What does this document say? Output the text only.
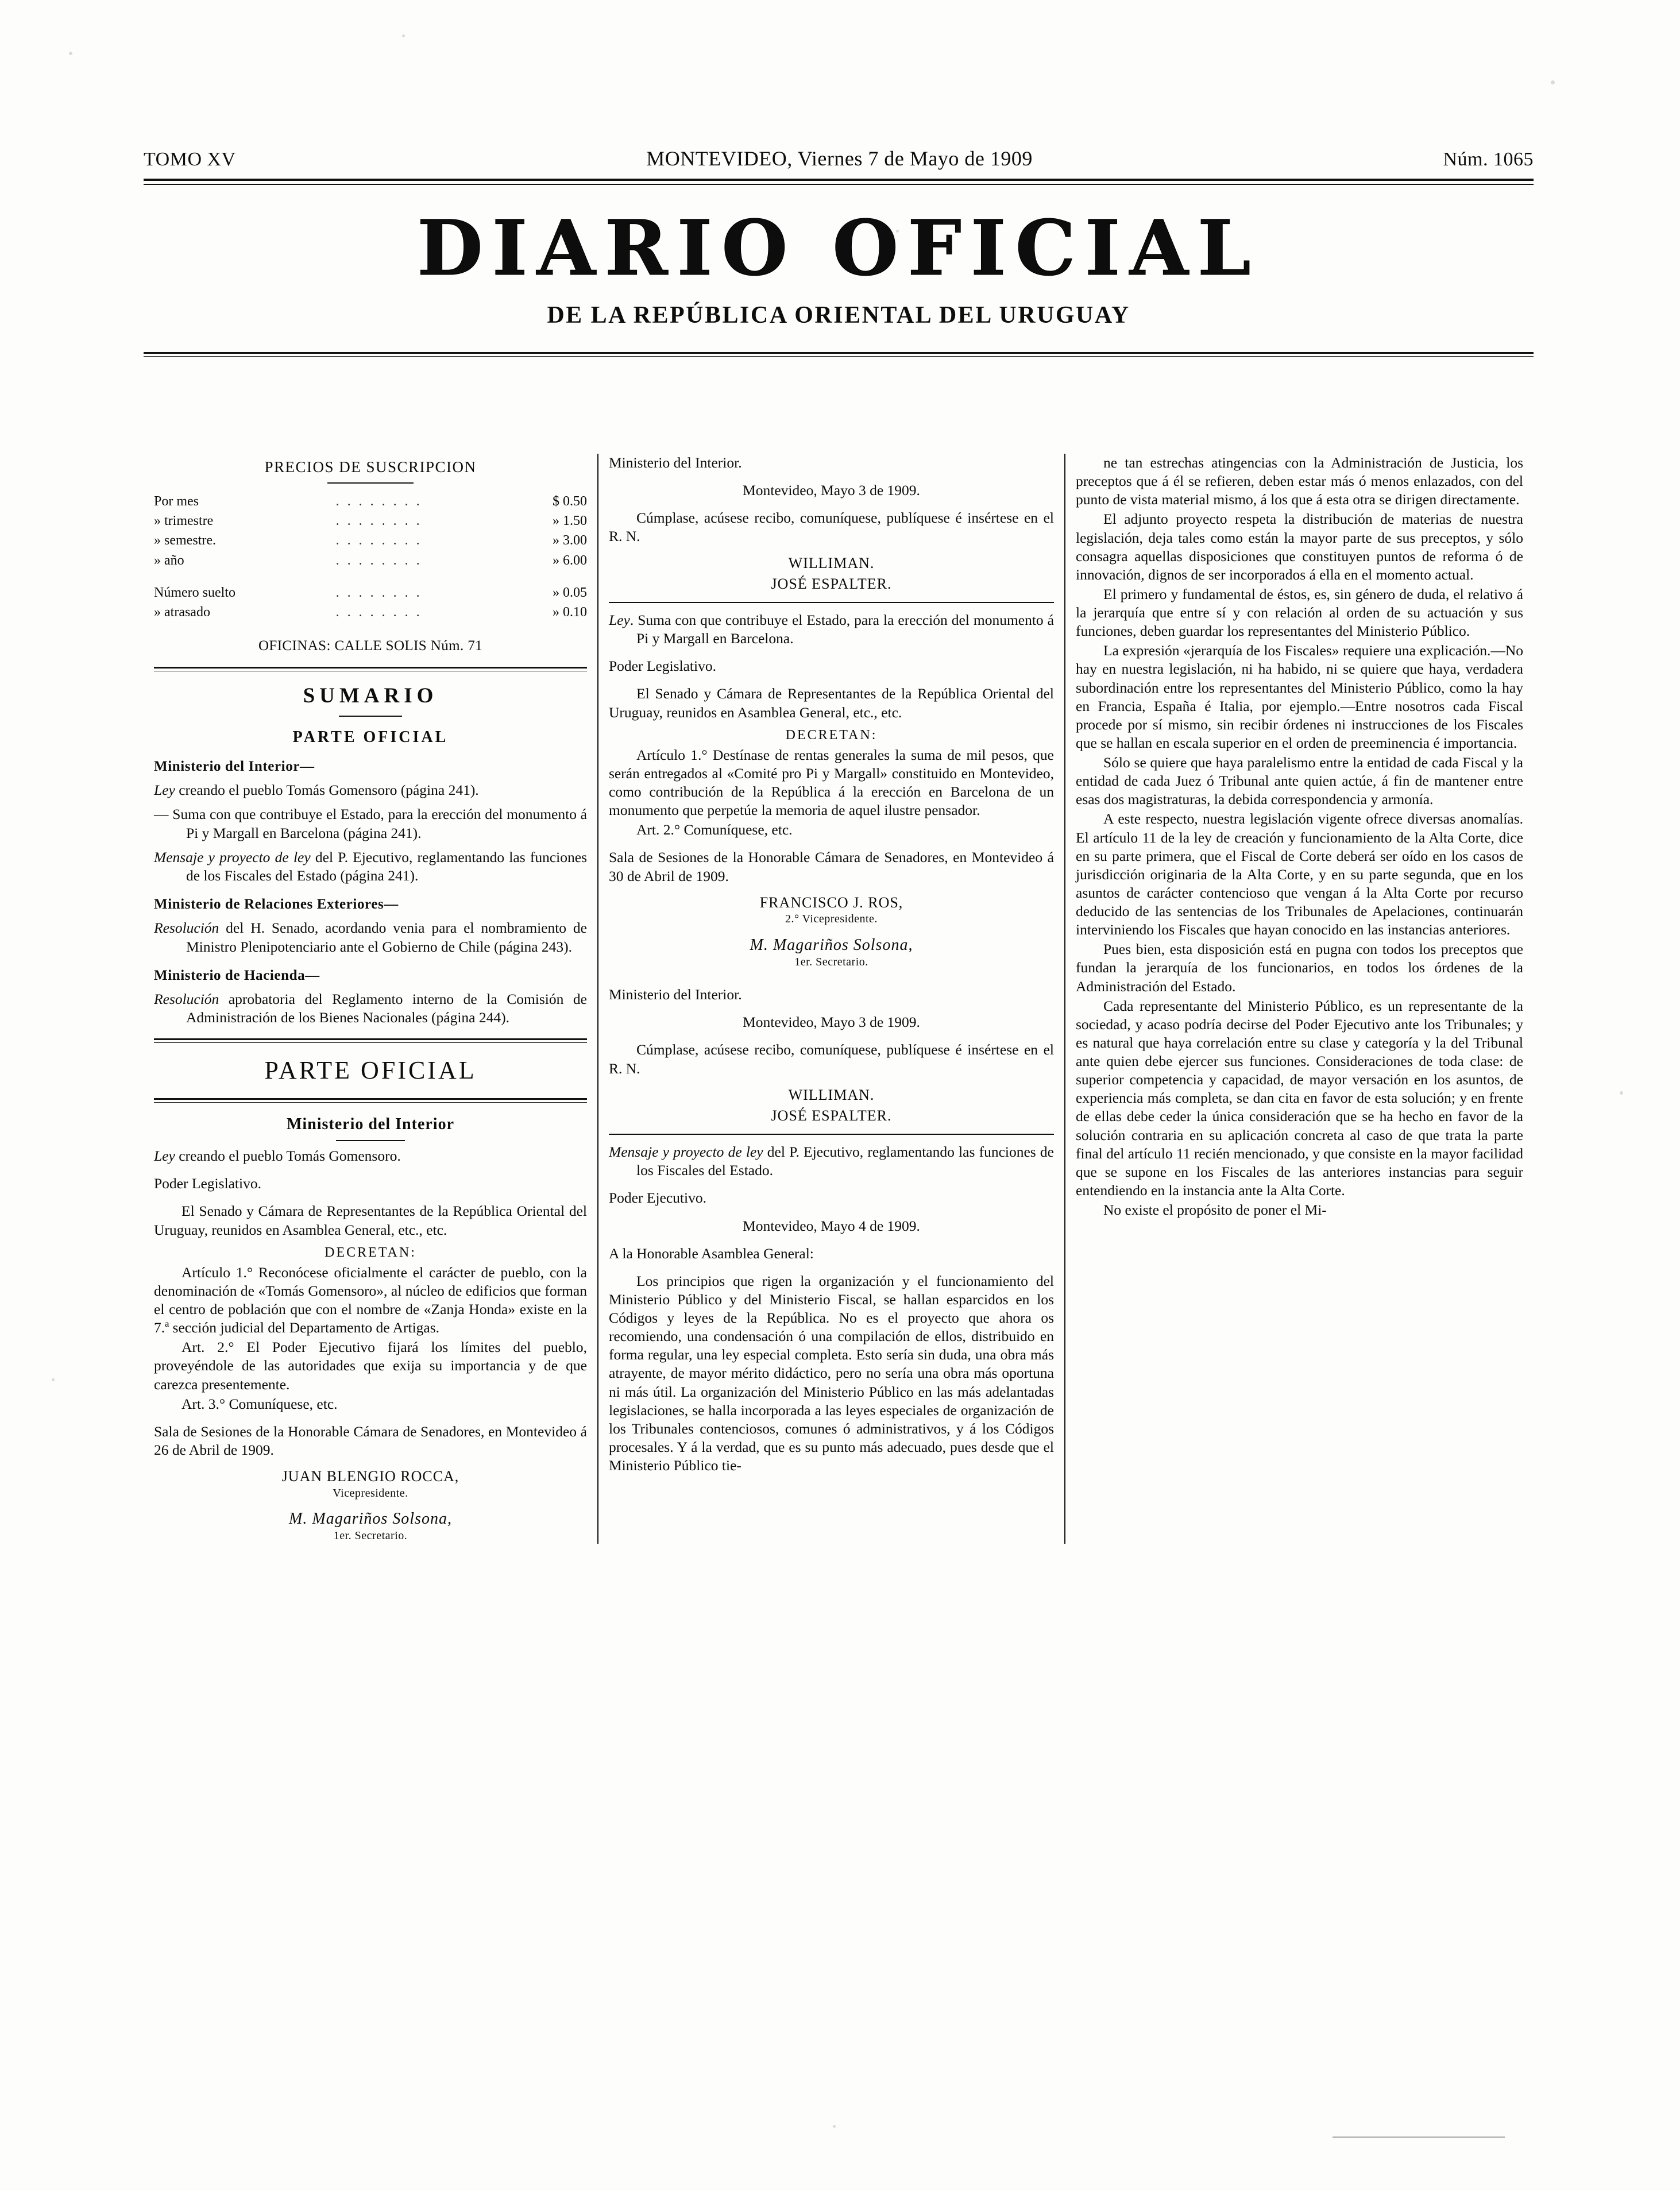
TOMO XV	MONTEVIDEO, Viernes 7 de Mayo de 1909	Núm. 1065
DIARIO OFICIAL
DE LA REPÚBLICA ORIENTAL DEL URUGUAY
PRECIOS DE SUSCRIPCION
Por mes	. . . . . . . .	$ 0.50
» trimestre	. . . . . . . .	» 1.50
» semestre.	. . . . . . . .	» 3.00
» año	. . . . . . . .	» 6.00

Número suelto	. . . . . . . .	» 0.05
» atrasado	. . . . . . . .	» 0.10
OFICINAS: CALLE SOLIS Núm. 71
SUMARIO
PARTE OFICIAL
Ministerio del Interior—
Ley creando el pueblo Tomás Gomensoro (página 241).
— Suma con que contribuye el Estado, para la erección del monumento á Pi y Margall en Barcelona (página 241).
Mensaje y proyecto de ley del P. Ejecutivo, reglamentando las funciones de los Fiscales del Estado (página 241).
Ministerio de Relaciones Exteriores—
Resolución del H. Senado, acordando venia para el nombramiento de Ministro Plenipotenciario ante el Gobierno de Chile (página 243).
Ministerio de Hacienda—
Resolución aprobatoria del Reglamento interno de la Comisión de Administración de los Bienes Nacionales (página 244).
PARTE OFICIAL
Ministerio del Interior

Ley creando el pueblo Tomás Gomensoro.

Poder Legislativo.

El Senado y Cámara de Representantes de la República Oriental del Uruguay, reunidos en Asamblea General, etc., etc.

DECRETAN:

Artículo 1.° Reconócese oficialmente el carácter de pueblo, con la denominación de «Tomás Gomensoro», al núcleo de edificios que forman el centro de población que con el nombre de «Zanja Honda» existe en la 7.ª sección judicial del Departamento de Artigas.

Art. 2.° El Poder Ejecutivo fijará los límites del pueblo, proveyéndole de las autoridades que exija su importancia y de que carezca presentemente.

Art. 3.° Comuníquese, etc.

Sala de Sesiones de la Honorable Cámara de Senadores, en Montevideo á 26 de Abril de 1909.

JUAN BLENGIO ROCCA,
Vicepresidente.
M. Magariños Solsona,
1er. Secretario.

Ministerio del Interior.

Montevideo, Mayo 3 de 1909.

Cúmplase, acúsese recibo, comuníquese, publíquese é insértese en el R. N.

WILLIMAN.
JOSÉ ESPALTER.
Ley. Suma con que contribuye el Estado, para la erección del monumento á Pi y Margall en Barcelona.

Poder Legislativo.

El Senado y Cámara de Representantes de la República Oriental del Uruguay, reunidos en Asamblea General, etc., etc.

DECRETAN:

Artículo 1.° Destínase de rentas generales la suma de mil pesos, que serán entregados al «Comité pro Pi y Margall» constituido en Montevideo, como contribución de la República á la erección en Barcelona de un monumento que perpetúe la memoria de aquel ilustre pensador.

Art. 2.° Comuníquese, etc.

Sala de Sesiones de la Honorable Cámara de Senadores, en Montevideo á 30 de Abril de 1909.

FRANCISCO J. ROS,
2.° Vicepresidente.
M. Magariños Solsona,
1er. Secretario.

Ministerio del Interior.

Montevideo, Mayo 3 de 1909.

Cúmplase, acúsese recibo, comuníquese, publíquese é insértese en el R. N.

WILLIMAN.
JOSÉ ESPALTER.
Mensaje y proyecto de ley del P. Ejecutivo, reglamentando las funciones de los Fiscales del Estado.

Poder Ejecutivo.

Montevideo, Mayo 4 de 1909.

A la Honorable Asamblea General:

Los principios que rigen la organización y el funcionamiento del Ministerio Público y del Ministerio Fiscal, se hallan esparcidos en los Códigos y leyes de la República. No es el proyecto que ahora os recomiendo, una condensación ó una compilación de ellos, distribuido en forma regular, una ley especial completa. Esto sería sin duda, una obra más atrayente, de mayor mérito didáctico, pero no sería una obra más oportuna ni más útil. La organización del Ministerio Público en las más adelantadas legislaciones, se halla incorporada a las leyes especiales de organización de los Tribunales contenciosos, comunes ó administrativos, y á los Códigos procesales. Y á la verdad, que es su punto más adecuado, pues desde que el Ministerio Público tie-

ne tan estrechas atingencias con la Administración de Justicia, los preceptos que á él se refieren, deben estar más ó menos enlazados, con del punto de vista material mismo, á los que á esta otra se dirigen directamente.

El adjunto proyecto respeta la distribución de materias de nuestra legislación, deja tales como están la mayor parte de sus preceptos, y sólo consagra aquellas disposiciones que constituyen puntos de reforma ó de innovación, dignos de ser incorporados á ella en el momento actual.

El primero y fundamental de éstos, es, sin género de duda, el relativo á la jerarquía que entre sí y con relación al orden de su actuación y sus funciones, deben guardar los representantes del Ministerio Público.

La expresión «jerarquía de los Fiscales» requiere una explicación.—No hay en nuestra legislación, ni ha habido, ni se quiere que haya, verdadera subordinación entre los representantes del Ministerio Público, como la hay en Francia, España é Italia, por ejemplo.—Entre nosotros cada Fiscal procede por sí mismo, sin recibir órdenes ni instrucciones de los Fiscales que se hallan en escala superior en el orden de preeminencia é importancia.

Sólo se quiere que haya paralelismo entre la entidad de cada Fiscal y la entidad de cada Juez ó Tribunal ante quien actúe, á fin de mantener entre esas dos magistraturas, la debida correspondencia y armonía.

A este respecto, nuestra legislación vigente ofrece diversas anomalías. El artículo 11 de la ley de creación y funcionamiento de la Alta Corte, dice en su parte primera, que el Fiscal de Corte deberá ser oído en los casos de jurisdicción originaria de la Alta Corte, y en su parte segunda, que en los asuntos de carácter contencioso que vengan á la Alta Corte por recurso deducido de las sentencias de los Tribunales de Apelaciones, continuarán interviniendo los Fiscales que hayan conocido en las instancias anteriores.

Pues bien, esta disposición está en pugna con todos los preceptos que fundan la jerarquía de los funcionarios, en todos los órdenes de la Administración del Estado.

Cada representante del Ministerio Público, es un representante de la sociedad, y acaso podría decirse del Poder Ejecutivo ante los Tribunales; y es natural que haya correlación entre su clase y categoría y la del Tribunal ante quien debe ejercer sus funciones. Consideraciones de toda clase: de superior competencia y capacidad, de mayor versación en los asuntos, de experiencia más completa, se dan cita en favor de esta solución; y en frente de ellas debe ceder la única consideración que se ha hecho en favor de la solución contraria en su aplicación concreta al caso de que trata la parte final del artículo 11 recién mencionado, y que consiste en la mayor facilidad que se supone en los Fiscales de las anteriores instancias para seguir entendiendo en la instancia ante la Alta Corte.

No existe el propósito de poner el Mi-
